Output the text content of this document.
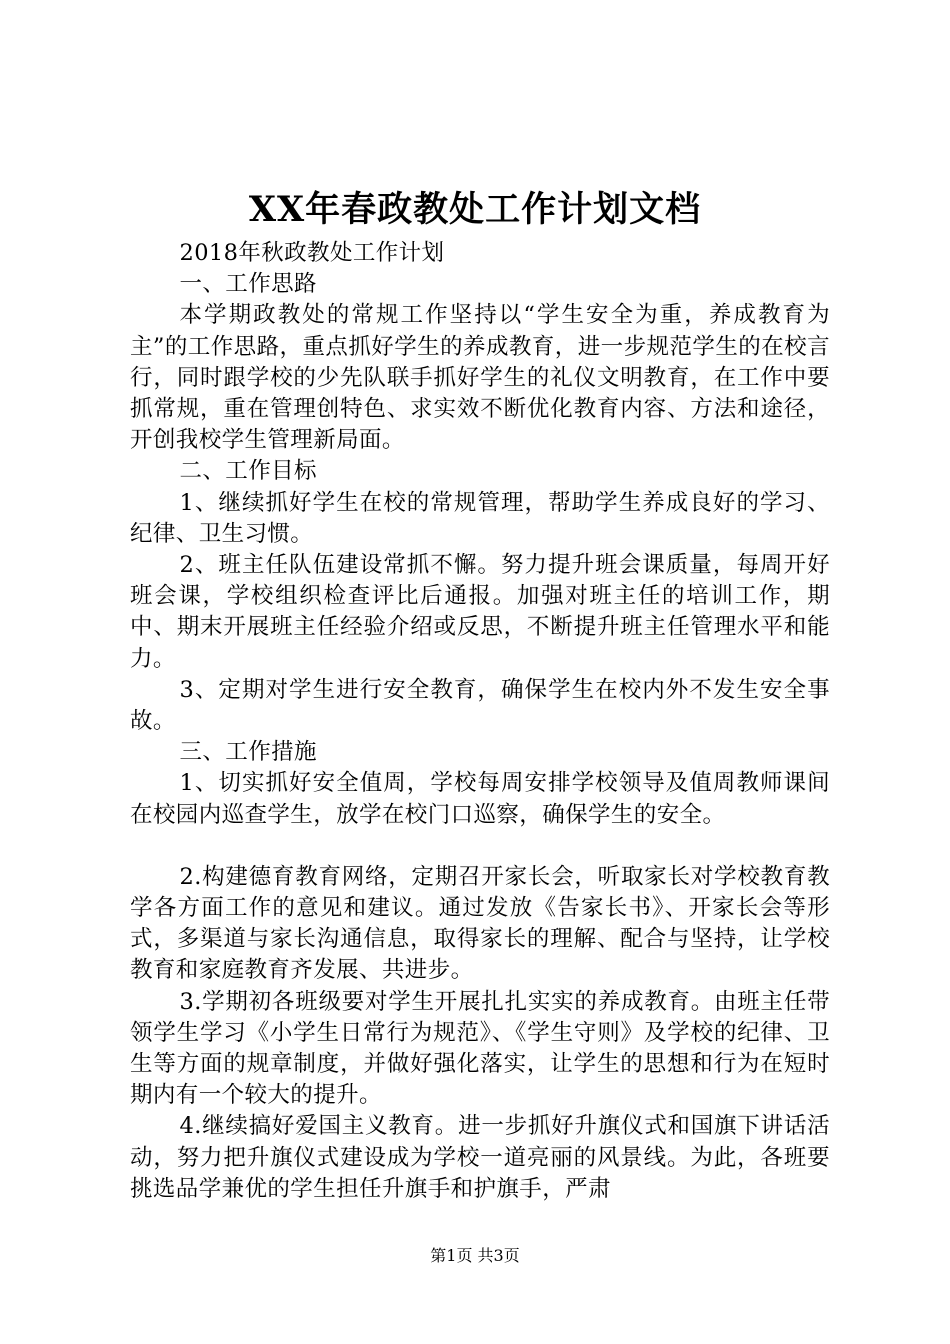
XX年春政教处工作计划文档

2018年秋政教处工作计划

一、工作思路

本学期政教处的常规工作坚持以“学生安全为重，养成教育为主”的工作思路，重点抓好学生的养成教育，进一步规范学生的在校言行，同时跟学校的少先队联手抓好学生的礼仪文明教育，在工作中要抓常规，重在管理创特色、求实效不断优化教育内容、方法和途径，开创我校学生管理新局面。

二、工作目标

1、继续抓好学生在校的常规管理，帮助学生养成良好的学习、纪律、卫生习惯。

2、班主任队伍建设常抓不懈。努力提升班会课质量，每周开好班会课，学校组织检查评比后通报。加强对班主任的培训工作，期中、期末开展班主任经验介绍或反思，不断提升班主任管理水平和能力。

3、定期对学生进行安全教育，确保学生在校内外不发生安全事故。

三、工作措施

1、切实抓好安全值周，学校每周安排学校领导及值周教师课间在校园内巡查学生，放学在校门口巡察，确保学生的安全。

2.构建德育教育网络，定期召开家长会，听取家长对学校教育教学各方面工作的意见和建议。通过发放《告家长书》、开家长会等形式，多渠道与家长沟通信息，取得家长的理解、配合与坚持，让学校教育和家庭教育齐发展、共进步。

3.学期初各班级要对学生开展扎扎实实的养成教育。由班主任带领学生学习《小学生日常行为规范》、《学生守则》及学校的纪律、卫生等方面的规章制度，并做好强化落实，让学生的思想和行为在短时期内有一个较大的提升。

4.继续搞好爱国主义教育。进一步抓好升旗仪式和国旗下讲话活动，努力把升旗仪式建设成为学校一道亮丽的风景线。为此，各班要挑选品学兼优的学生担任升旗手和护旗手，严肃

第1页 共3页
